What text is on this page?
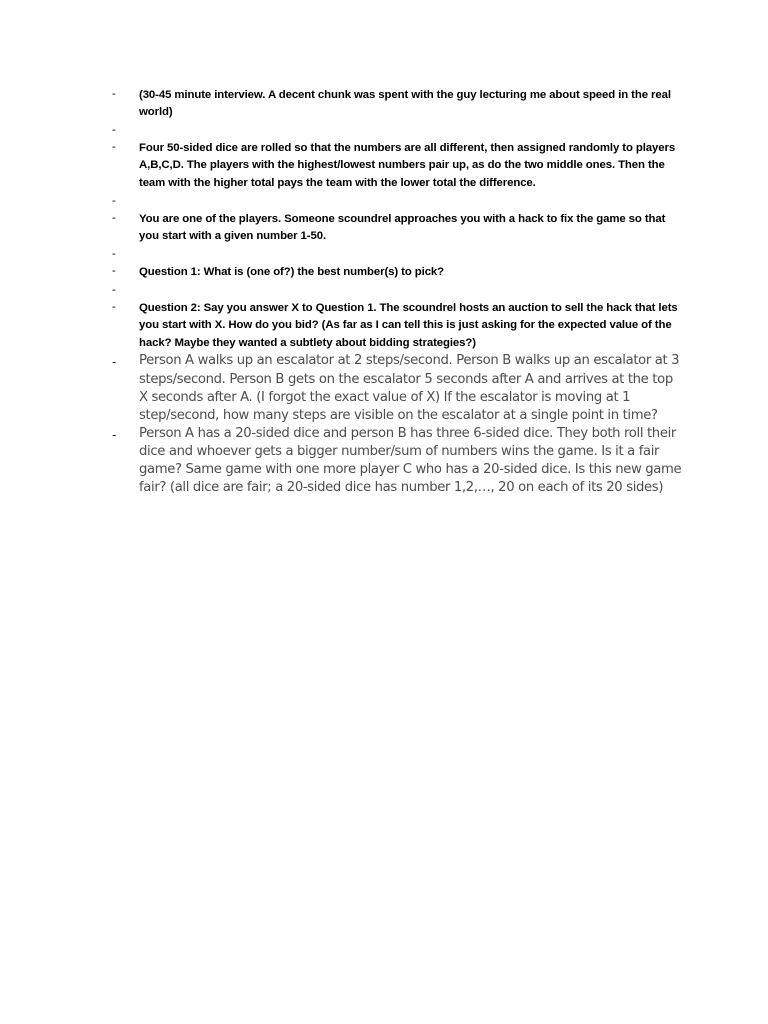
-	(30-45 minute interview. A decent chunk was spent with the guy lecturing me about speed in the real world)
-
-	Four 50-sided dice are rolled so that the numbers are all different, then assigned randomly to players A,B,C,D. The players with the highest/lowest numbers pair up, as do the two middle ones. Then the team with the higher total pays the team with the lower total the difference.
-
-	You are one of the players. Someone scoundrel approaches you with a hack to fix the game so that you start with a given number 1-50.
-
-	Question 1: What is (one of?) the best number(s) to pick?
-
-	Question 2: Say you answer X to Question 1. The scoundrel hosts an auction to sell the hack that lets you start with X. How do you bid? (As far as I can tell this is just asking for the expected value of the hack? Maybe they wanted a subtlety about bidding strategies?)
-	Person A walks up an escalator at 2 steps/second. Person B walks up an escalator at 3 steps/second. Person B gets on the escalator 5 seconds after A and arrives at the top X seconds after A. (I forgot the exact value of X) If the escalator is moving at 1 step/second, how many steps are visible on the escalator at a single point in time?
-	Person A has a 20-sided dice and person B has three 6-sided dice. They both roll their dice and whoever gets a bigger number/sum of numbers wins the game. Is it a fair game? Same game with one more player C who has a 20-sided dice. Is this new game fair? (all dice are fair; a 20-sided dice has number 1,2,…, 20 on each of its 20 sides)
